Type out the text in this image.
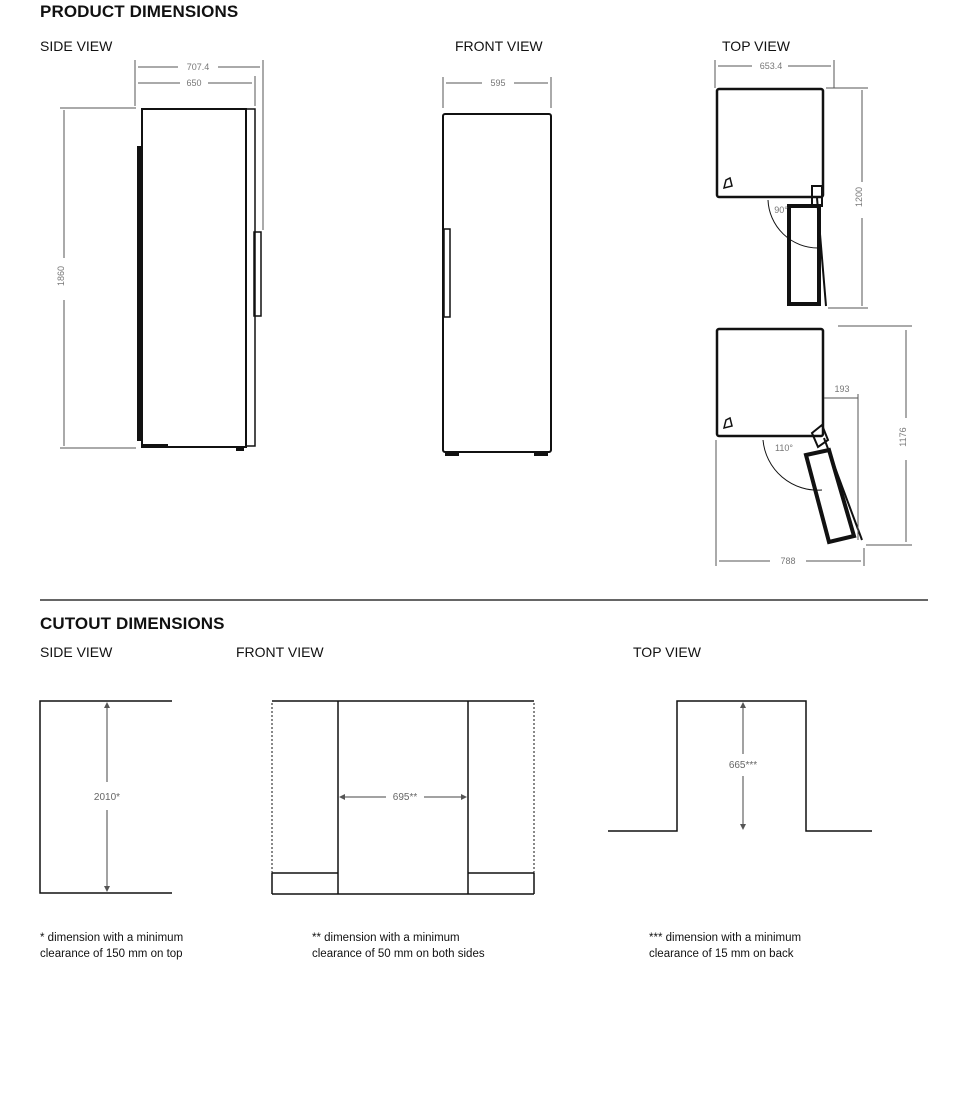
PRODUCT DIMENSIONS
SIDE VIEW	FRONT VIEW	TOP VIEW
CUTOUT DIMENSIONS
SIDE VIEW	FRONT VIEW	TOP VIEW
707.4
650
1860
595
653.4
1200
90°
193
1176
110°
788
2010*	695**
665***
* dimension with a minimum clearance of 150 mm on top
** dimension with a minimum clearance of 50 mm on both sides
*** dimension with a minimum clearance of 15 mm on back
